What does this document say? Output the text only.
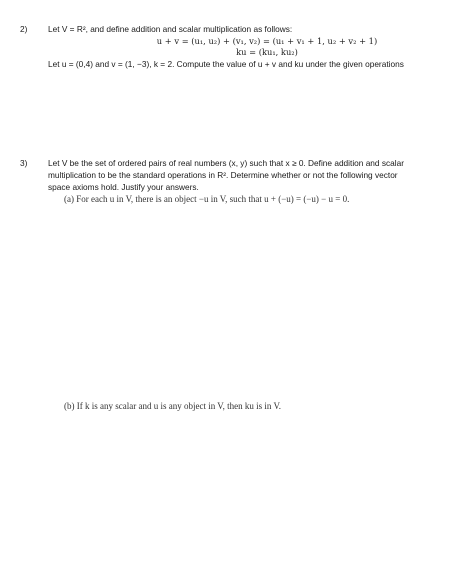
2) Let V = R², and define addition and scalar multiplication as follows:
u + v = (u₁, u₂) + (v₁, v₂) = (u₁ + v₁ + 1, u₂ + v₂ + 1)
ku = (ku₁, ku₂)
Let u = (0,4) and v = (1, −3), k = 2. Compute the value of u + v and ku under the given operations
3) Let V be the set of ordered pairs of real numbers (x, y) such that x ≥ 0. Define addition and scalar
multiplication to be the standard operations in R². Determine whether or not the following vector
space axioms hold. Justify your answers.
(a) For each u in V, there is an object −u in V, such that u + (−u) = (−u) − u = 0.
(b) If k is any scalar and u is any object in V, then ku is in V.
